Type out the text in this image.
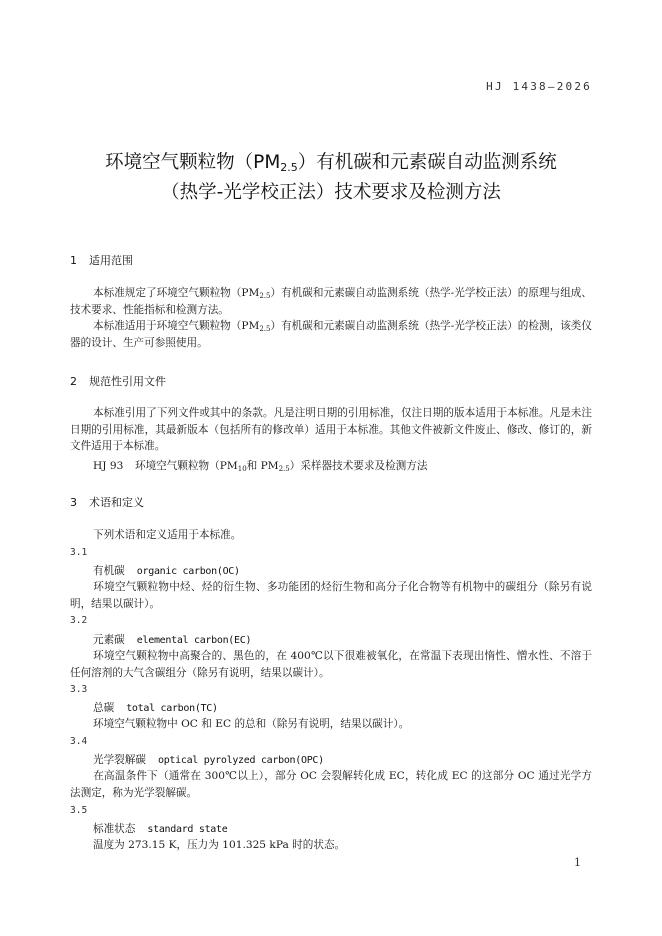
HJ 1438—2026
环境空气颗粒物$(PM_{2.5})$有机碳和元素碳自动监测系统
（热学-光学校正法）技术要求及检测方法
1 适用范围
本标准规定了环境空气颗粒物$(PM_{2.5})$有机碳和元素碳自动监测系统（热学-光学校正法）的原理与组成、技术要求、性能指标和检测方法。
本标准适用于环境空气颗粒物$(PM_{2.5})$有机碳和元素碳自动监测系统（热学-光学校正法）的检测，该类仪器的设计、生产可参照使用。
2 规范性引用文件
本标准引用了下列文件或其中的条款。凡是注明日期的引用标准，仅注日期的版本适用于本标准。凡是未注日期的引用标准，其最新版本（包括所有的修改单）适用于本标准。其他文件被新文件废止、修改、修订的，新文件适用于本标准。
HJ 93 环境空气颗粒物（$PM_{10}$和 $PM_{2.5}$）采样器技术要求及检测方法
3 术语和定义
下列术语和定义适用于本标准。
3.1
有机碳 organic carbon(OC)
环境空气颗粒物中烃、烃的衍生物、多功能团的烃衍生物和高分子化合物等有机物中的碳组分（除另有说明，结果以碳计）。
3.2
元素碳 elemental carbon(EC)
环境空气颗粒物中高聚合的、黑色的，在 400℃以下很难被氧化，在常温下表现出惰性、憎水性、不溶于任何溶剂的大气含碳组分（除另有说明，结果以碳计）。
3.3
总碳 total carbon(TC)
环境空气颗粒物中 OC 和 EC 的总和（除另有说明，结果以碳计）。
3.4
光学裂解碳 optical pyrolyzed carbon(OPC)
在高温条件下（通常在 300℃以上），部分 OC 会裂解转化成 EC，转化成 EC 的这部分 OC 通过光学方法测定，称为光学裂解碳。
3.5
标准状态 standard state
温度为 273.15 K，压力为 101.325 kPa 时的状态。
1
